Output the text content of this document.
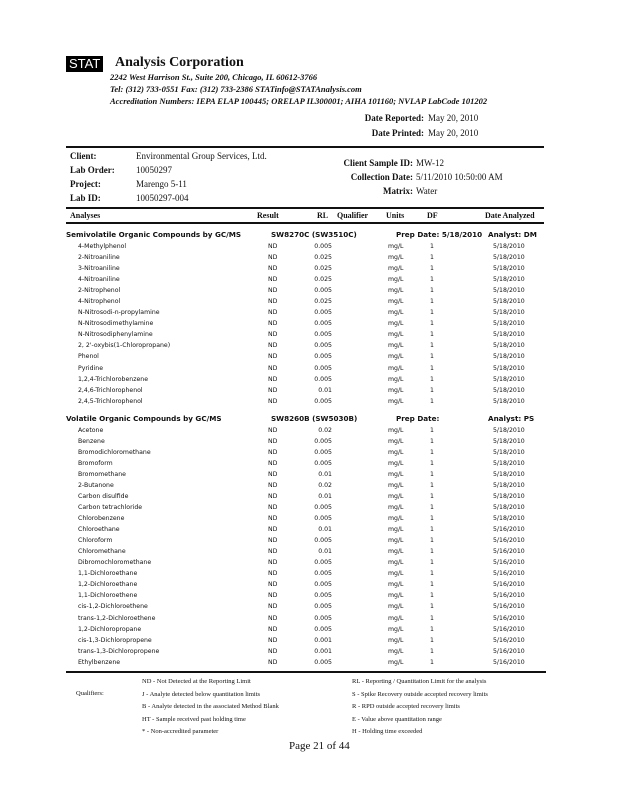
STAT Analysis Corporation
2242 West Harrison St., Suite 200, Chicago, IL 60612-3766
Tel: (312) 733-0551 Fax: (312) 733-2386 STATinfo@STATAnalysis.com
Accreditation Numbers: IEPA ELAP 100445; ORELAP IL300001; AIHA 101160; NVLAP LabCode 101202
Date Reported: May 20, 2010
Date Printed: May 20, 2010
Client:	Environmental Group Services, Ltd.
Lab Order: 10050297
Project:	Marengo 5-11
Lab ID:	10050297-004
Client Sample ID: MW-12
Collection Date: 5/11/2010 10:50:00 AM
Matrix: Water
Analyses	Result	RL Qualifier Units	DF	Date Analyzed
Semivolatile Organic Compounds by GC/MS	SW8270C (SW3510C)	Prep Date: 5/18/2010 Analyst: DM
4-Methylphenol	ND	0.005	mg/L	1	5/18/2010
2-Nitroaniline	ND	0.025	mg/L	1	5/18/2010
3-Nitroaniline	ND	0.025	mg/L	1	5/18/2010
4-Nitroaniline	ND	0.025	mg/L	1	5/18/2010
2-Nitrophenol	ND	0.005	mg/L	1	5/18/2010
4-Nitrophenol	ND	0.025	mg/L	1	5/18/2010
N-Nitrosodi-n-propylamine	ND	0.005	mg/L	1	5/18/2010
N-Nitrosodimethylamine	ND	0.005	mg/L	1	5/18/2010
N-Nitrosodiphenylamine	ND	0.005	mg/L	1	5/18/2010
2, 2'-oxybis(1-Chloropropane)	ND	0.005	mg/L	1	5/18/2010
Phenol	ND	0.005	mg/L	1	5/18/2010
Pyridine	ND	0.005	mg/L	1	5/18/2010
1,2,4-Trichlorobenzene	ND	0.005	mg/L	1	5/18/2010
2,4,6-Trichlorophenol	ND	0.01	mg/L	1	5/18/2010
2,4,5-Trichlorophenol	ND	0.005	mg/L	1	5/18/2010
Volatile Organic Compounds by GC/MS	SW8260B (SW5030B)	Prep Date:	Analyst: PS
Acetone	ND	0.02	mg/L	1	5/18/2010
Benzene	ND	0.005	mg/L	1	5/18/2010
Bromodichloromethane	ND	0.005	mg/L	1	5/18/2010
Bromoform	ND	0.005	mg/L	1	5/18/2010
Bromomethane	ND	0.01	mg/L	1	5/18/2010
2-Butanone	ND	0.02	mg/L	1	5/18/2010
Carbon disulfide	ND	0.01	mg/L	1	5/18/2010
Carbon tetrachloride	ND	0.005	mg/L	1	5/18/2010
Chlorobenzene	ND	0.005	mg/L	1	5/18/2010
Chloroethane	ND	0.01	mg/L	1	5/16/2010
Chloroform	ND	0.005	mg/L	1	5/16/2010
Chloromethane	ND	0.01	mg/L	1	5/16/2010
Dibromochloromethane	ND	0.005	mg/L	1	5/16/2010
1,1-Dichloroethane	ND	0.005	mg/L	1	5/16/2010
1,2-Dichloroethane	ND	0.005	mg/L	1	5/16/2010
1,1-Dichloroethene	ND	0.005	mg/L	1	5/16/2010
cis-1,2-Dichloroethene	ND	0.005	mg/L	1	5/16/2010
trans-1,2-Dichloroethene	ND	0.005	mg/L	1	5/16/2010
1,2-Dichloropropane	ND	0.005	mg/L	1	5/16/2010
cis-1,3-Dichloropropene	ND	0.001	mg/L	1	5/16/2010
trans-1,3-Dichloropropene	ND	0.001	mg/L	1	5/16/2010
Ethylbenzene	ND	0.005	mg/L	1	5/16/2010
Qualifiers:
ND - Not Detected at the Reporting Limit
J - Analyte detected below quantitation limits
B - Analyte detected in the associated Method Blank
HT - Sample received past holding time
* - Non-accredited parameter
RL - Reporting / Quantitation Limit for the analysis
S - Spike Recovery outside accepted recovery limits
R - RPD outside accepted recovery limits
E - Value above quantitation range
H - Holding time exceeded
Page 21 of 44
